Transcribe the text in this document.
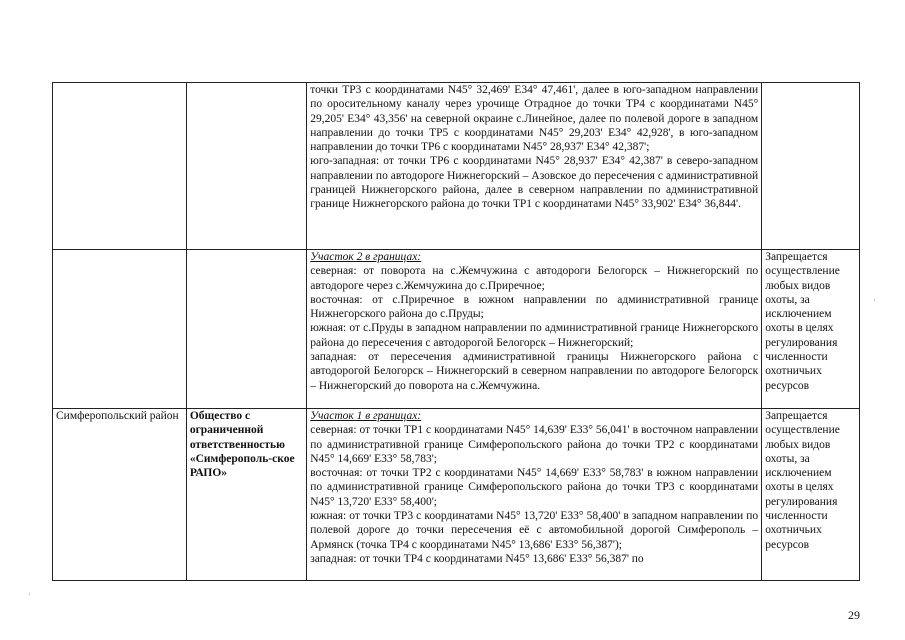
		точки ТР3 с координатами N45° 32,469' E34° 47,461', далее в юго-западном направлении по оросительному каналу через урочище Отрадное до точки ТР4 с координатами N45° 29,205' E34° 43,356' на северной окраине с.Линейное, далее по полевой дороге в западном направлении до точки ТР5 с координатами N45° 29,203' E34° 42,928', в юго-западном направлении до точки ТР6 с координатами N45° 28,937' E34° 42,387';

юго-западная: от точки ТР6 с координатами N45° 28,937' E34° 42,387' в северо-западном направлении по автодороге Нижнегорский – Азовское до пересечения с административной границей Нижнегорского района, далее в северном направлении по административной границе Нижнегорского района до точки ТР1 с координатами N45° 33,902' E34° 36,844'.	

		Участок 2 в границах:

северная: от поворота на с.Жемчужина с автодороги Белогорск – Нижнегорский по автодороге через с.Жемчужина до с.Приречное;

восточная: от с.Приречное в южном направлении по административной границе Нижнегорского района до с.Пруды;

южная: от с.Пруды в западном направлении по административной границе Нижнегорского района до пересечения с автодорогой Белогорск – Нижнегорский;

западная: от пересечения административной границы Нижнегорского района с автодорогой Белогорск – Нижнегорский в северном направлении по автодороге Белогорск – Нижнегорский до поворота на с.Жемчужина.	Запрещается осуществление любых видов охоты, за исключением охоты в целях регулирования численности охотничьих ресурсов

Симферопольский район	Общество с ограниченной ответственностью «Симферополь-ское РАПО»	Участок 1 в границах:

северная: от точки ТР1 с координатами N45° 14,639' E33° 56,041' в восточном направлении по административной границе Симферопольского района до точки ТР2 с координатами N45° 14,669' E33° 58,783';

восточная: от точки ТР2 с координатами N45° 14,669' E33° 58,783' в южном направлении по административной границе Симферопольского района до точки ТР3 с координатами N45° 13,720' E33° 58,400';

южная: от точки ТР3 с координатами N45° 13,720' E33° 58,400' в западном направлении по полевой дороге до точки пересечения её с автомобильной дорогой Симферополь – Армянск (точка ТР4 с координатами N45° 13,686' E33° 56,387');

западная: от точки ТР4 с координатами N45° 13,686' E33° 56,387' по	Запрещается осуществление любых видов охоты, за исключением охоты в целях регулирования численности охотничьих ресурсов
·
·
29
